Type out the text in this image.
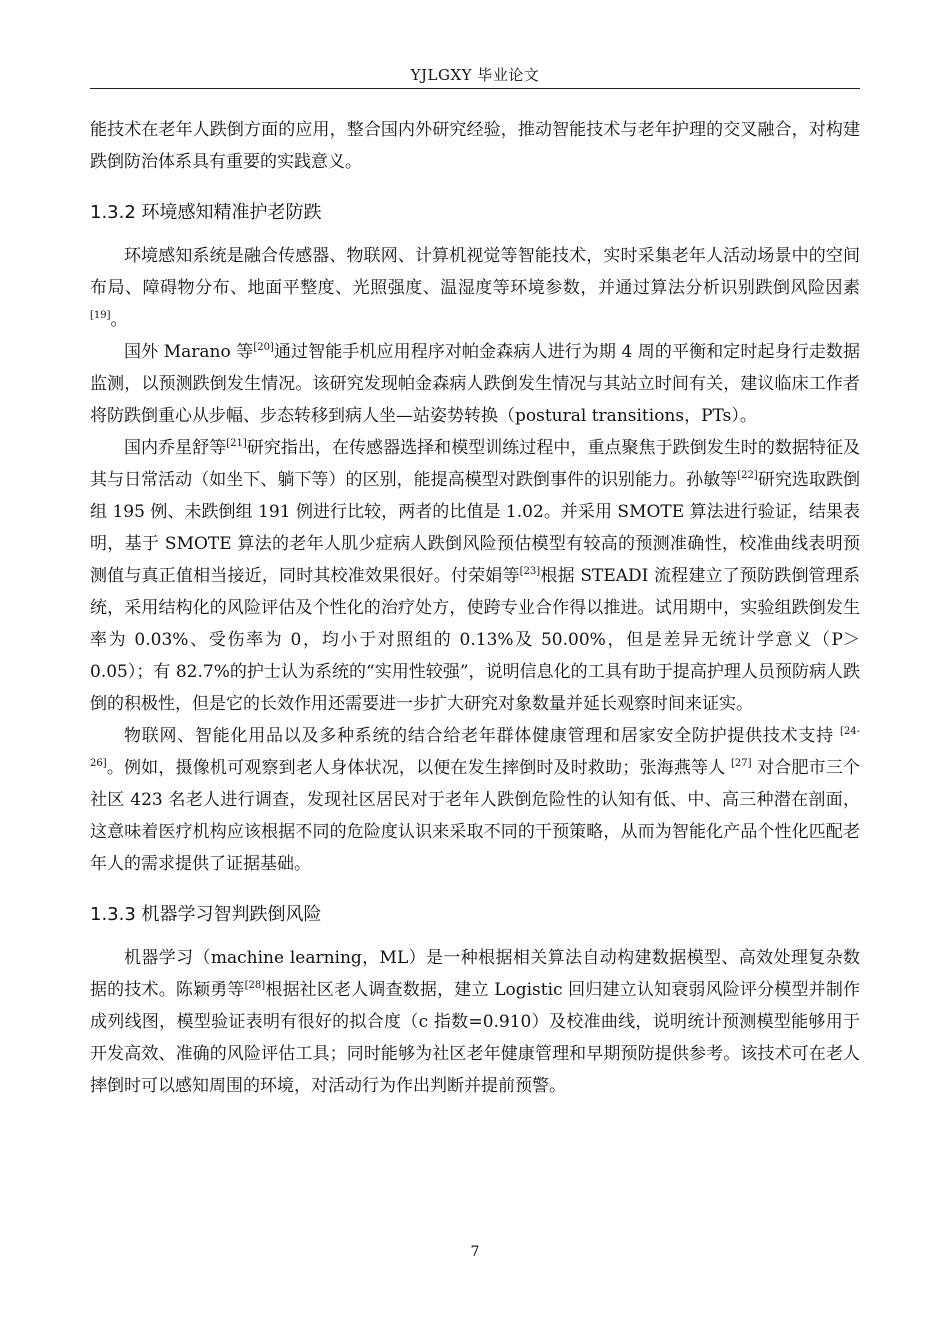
YJLGXY 毕业论文

能技术在老年人跌倒方面的应用，整合国内外研究经验，推动智能技术与老年护理的交叉融合，对构建跌倒防治体系具有重要的实践意义。

1.3.2 环境感知精准护老防跌

环境感知系统是融合传感器、物联网、计算机视觉等智能技术，实时采集老年人活动场景中的空间布局、障碍物分布、地面平整度、光照强度、温湿度等环境参数，并通过算法分析识别跌倒风险因素[19]。

国外 Marano 等[20]通过智能手机应用程序对帕金森病人进行为期 4 周的平衡和定时起身行走数据监测，以预测跌倒发生情况。该研究发现帕金森病人跌倒发生情况与其站立时间有关，建议临床工作者将防跌倒重心从步幅、步态转移到病人坐—站姿势转换（postural transitions，PTs）。

国内乔星舒等[21]研究指出，在传感器选择和模型训练过程中，重点聚焦于跌倒发生时的数据特征及其与日常活动（如坐下、躺下等）的区别，能提高模型对跌倒事件的识别能力。孙敏等[22]研究选取跌倒组 195 例、未跌倒组 191 例进行比较，两者的比值是 1.02。并采用 SMOTE 算法进行验证，结果表明，基于 SMOTE 算法的老年人肌少症病人跌倒风险预估模型有较高的预测准确性，校准曲线表明预测值与真正值相当接近，同时其校准效果很好。付荣娟等[23]根据 STEADI 流程建立了预防跌倒管理系统，采用结构化的风险评估及个性化的治疗处方，使跨专业合作得以推进。试用期中，实验组跌倒发生率为 0.03%、受伤率为 0，均小于对照组的 0.13%及 50.00%，但是差异无统计学意义（P＞0.05）；有 82.7%的护士认为系统的“实用性较强”，说明信息化的工具有助于提高护理人员预防病人跌倒的积极性，但是它的长效作用还需要进一步扩大研究对象数量并延长观察时间来证实。

物联网、智能化用品以及多种系统的结合给老年群体健康管理和居家安全防护提供技术支持 [24-26]。例如，摄像机可观察到老人身体状况，以便在发生摔倒时及时救助；张海燕等人 [27] 对合肥市三个社区 423 名老人进行调查，发现社区居民对于老年人跌倒危险性的认知有低、中、高三种潜在剖面，这意味着医疗机构应该根据不同的危险度认识来采取不同的干预策略，从而为智能化产品个性化匹配老年人的需求提供了证据基础。

1.3.3 机器学习智判跌倒风险

机器学习（machine learning，ML）是一种根据相关算法自动构建数据模型、高效处理复杂数据的技术。陈颖勇等[28]根据社区老人调查数据，建立 Logistic 回归建立认知衰弱风险评分模型并制作成列线图，模型验证表明有很好的拟合度（c 指数=0.910）及校准曲线，说明统计预测模型能够用于开发高效、准确的风险评估工具；同时能够为社区老年健康管理和早期预防提供参考。该技术可在老人摔倒时可以感知周围的环境，对活动行为作出判断并提前预警。

7
